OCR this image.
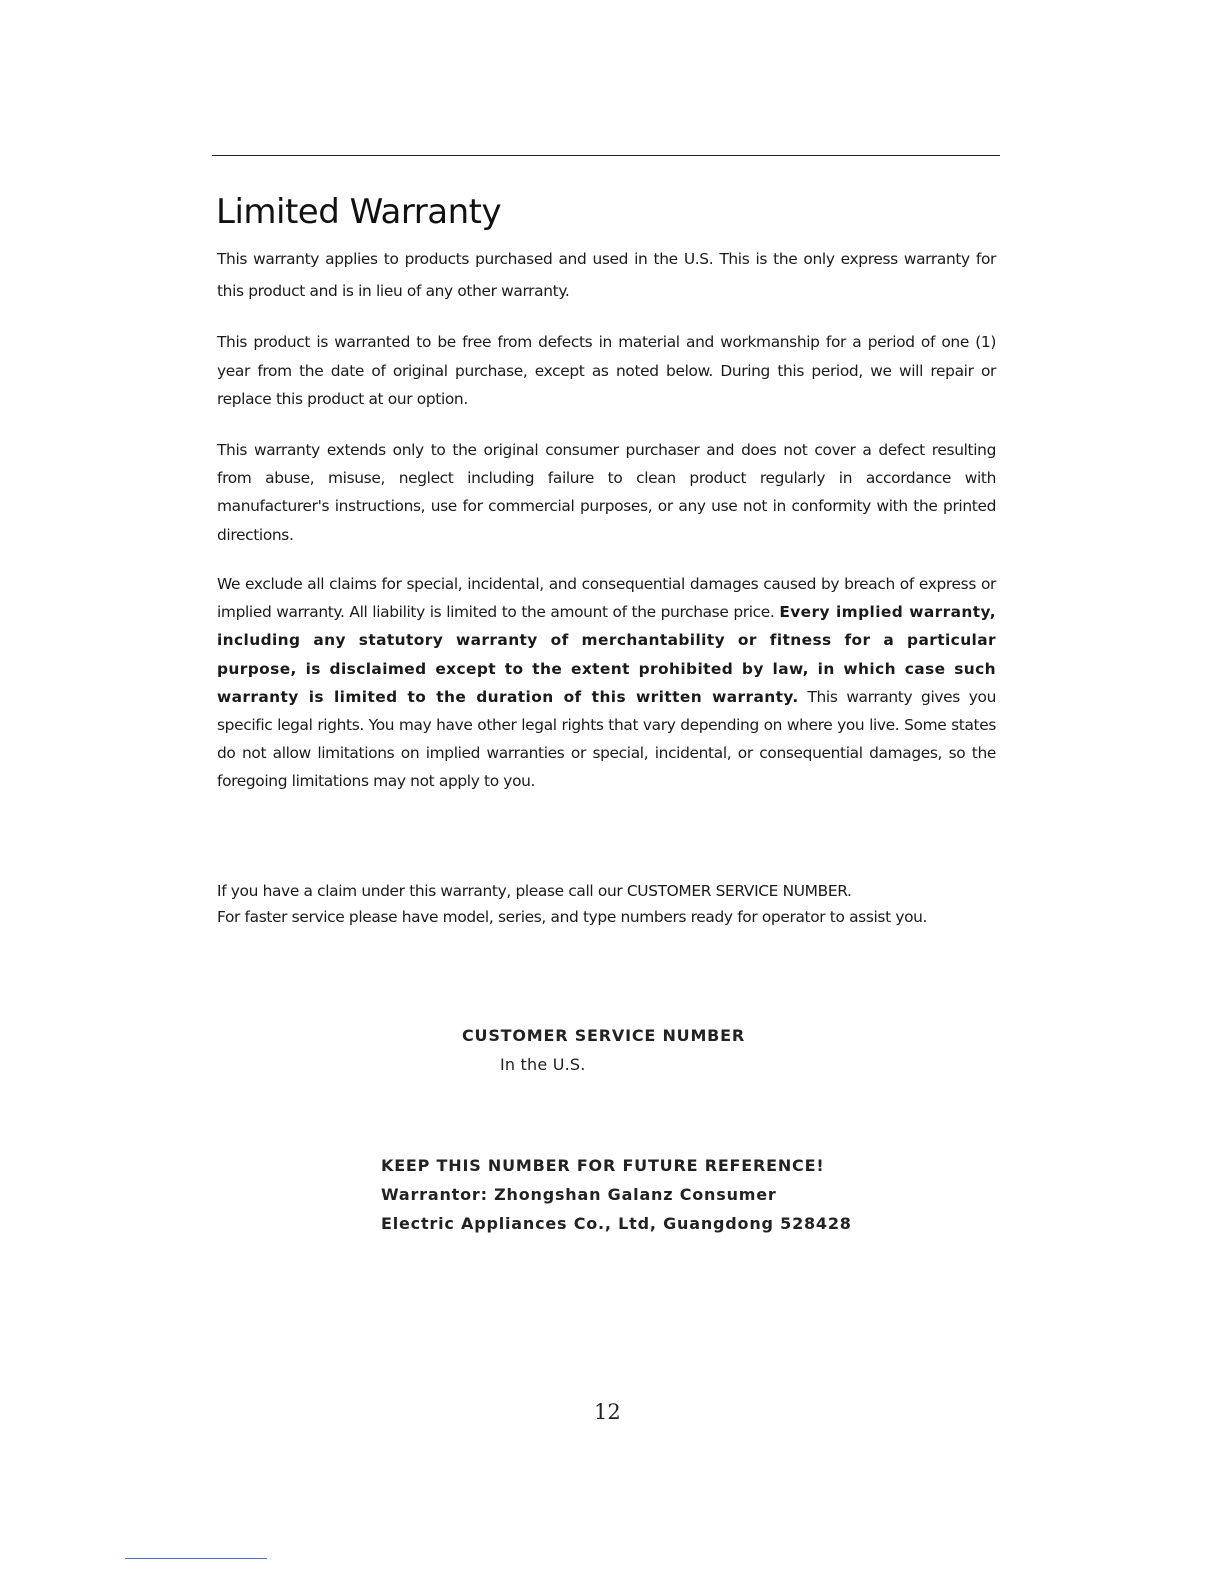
Limited Warranty

This warranty applies to products purchased and used in the U.S. This is the only express warranty for this product and is in lieu of any other warranty.

This product is warranted to be free from defects in material and workmanship for a period of one (1) year from the date of original purchase, except as noted below. During this period, we will repair or replace this product at our option.

This warranty extends only to the original consumer purchaser and does not cover a defect resulting from abuse, misuse, neglect including failure to clean product regularly in accordance with manufacturer's instructions, use for commercial purposes, or any use not in conformity with the printed directions.

We exclude all claims for special, incidental, and consequential damages caused by breach of express or implied warranty. All liability is limited to the amount of the purchase price. Every implied warranty, including any statutory warranty of merchantability or fitness for a particular purpose, is disclaimed except to the extent prohibited by law, in which case such warranty is limited to the duration of this written warranty. This warranty gives you specific legal rights. You may have other legal rights that vary depending on where you live. Some states do not allow limitations on implied warranties or special, incidental, or consequential damages, so the foregoing limitations may not apply to you.

If you have a claim under this warranty, please call our CUSTOMER SERVICE NUMBER.

For faster service please have model, series, and type numbers ready for operator to assist you.

CUSTOMER SERVICE NUMBER
In the U.S.
KEEP THIS NUMBER FOR FUTURE REFERENCE!
Warrantor: Zhongshan Galanz Consumer
Electric Appliances Co., Ltd, Guangdong 528428
12
